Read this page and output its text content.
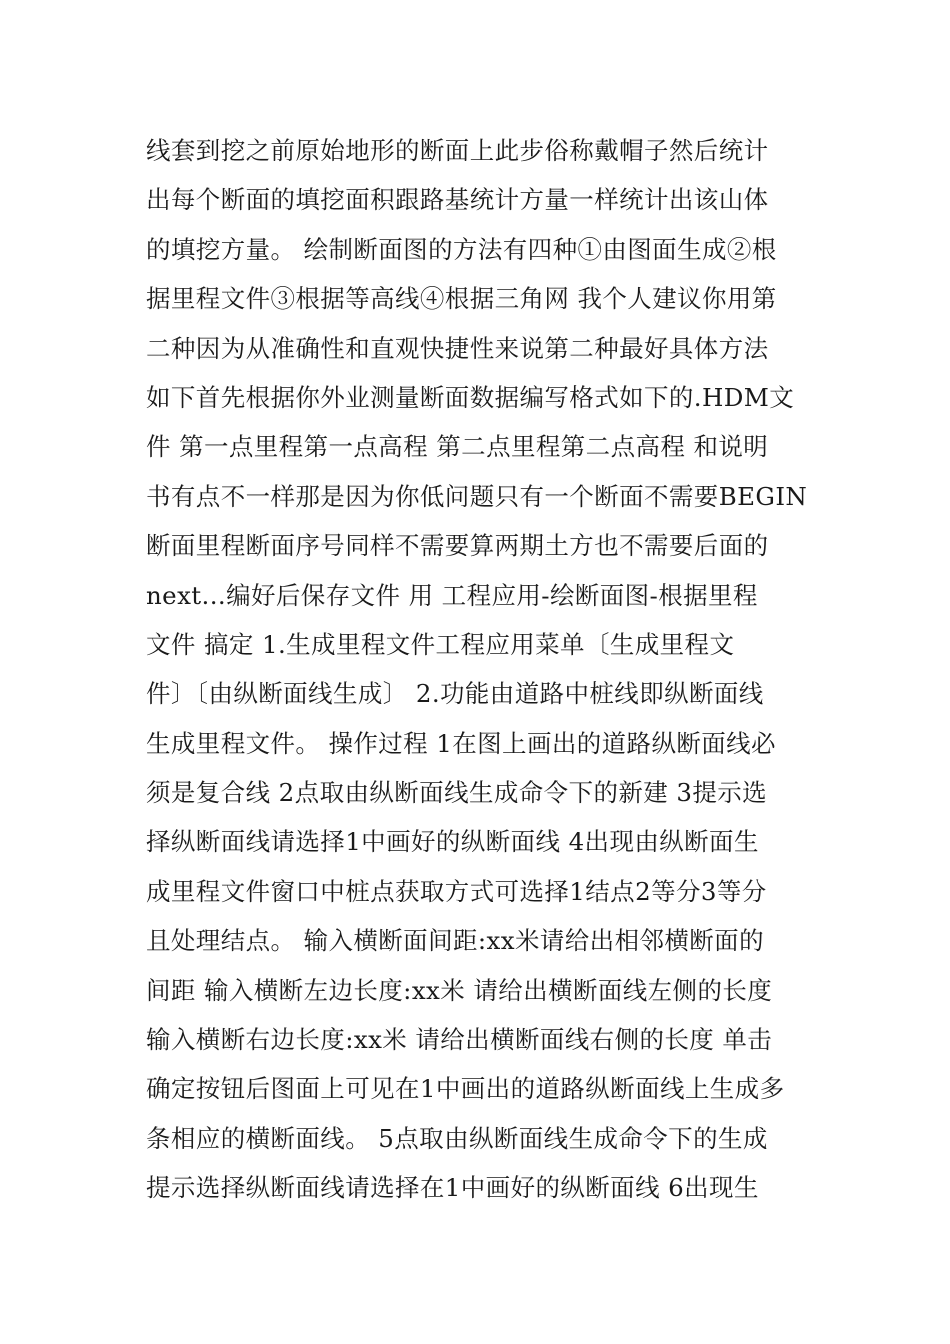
线套到挖之前原始地形的断面上此步俗称戴帽子然后统计
出每个断面的填挖面积跟路基统计方量一样统计出该山体
的填挖方量。 绘制断面图的方法有四种①由图面生成②根
据里程文件③根据等高线④根据三角网 我个人建议你用第
二种因为从准确性和直观快捷性来说第二种最好具体方法
如下首先根据你外业测量断面数据编写格式如下的.HDM文
件 第一点里程第一点高程 第二点里程第二点高程 和说明
书有点不一样那是因为你低问题只有一个断面不需要BEGIN
断面里程断面序号同样不需要算两期土方也不需要后面的
next...编好后保存文件 用 工程应用-绘断面图-根据里程
文件 搞定 1.生成里程文件工程应用菜单〔生成里程文
件〕〔由纵断面线生成〕 2.功能由道路中桩线即纵断面线
生成里程文件。 操作过程 1在图上画出的道路纵断面线必
须是复合线 2点取由纵断面线生成命令下的新建 3提示选
择纵断面线请选择1中画好的纵断面线 4出现由纵断面生
成里程文件窗口中桩点获取方式可选择1结点2等分3等分
且处理结点。 输入横断面间距:xx米请给出相邻横断面的
间距 输入横断左边长度:xx米 请给出横断面线左侧的长度
输入横断右边长度:xx米 请给出横断面线右侧的长度 单击
确定按钮后图面上可见在1中画出的道路纵断面线上生成多
条相应的横断面线。 5点取由纵断面线生成命令下的生成
提示选择纵断面线请选择在1中画好的纵断面线 6出现生
